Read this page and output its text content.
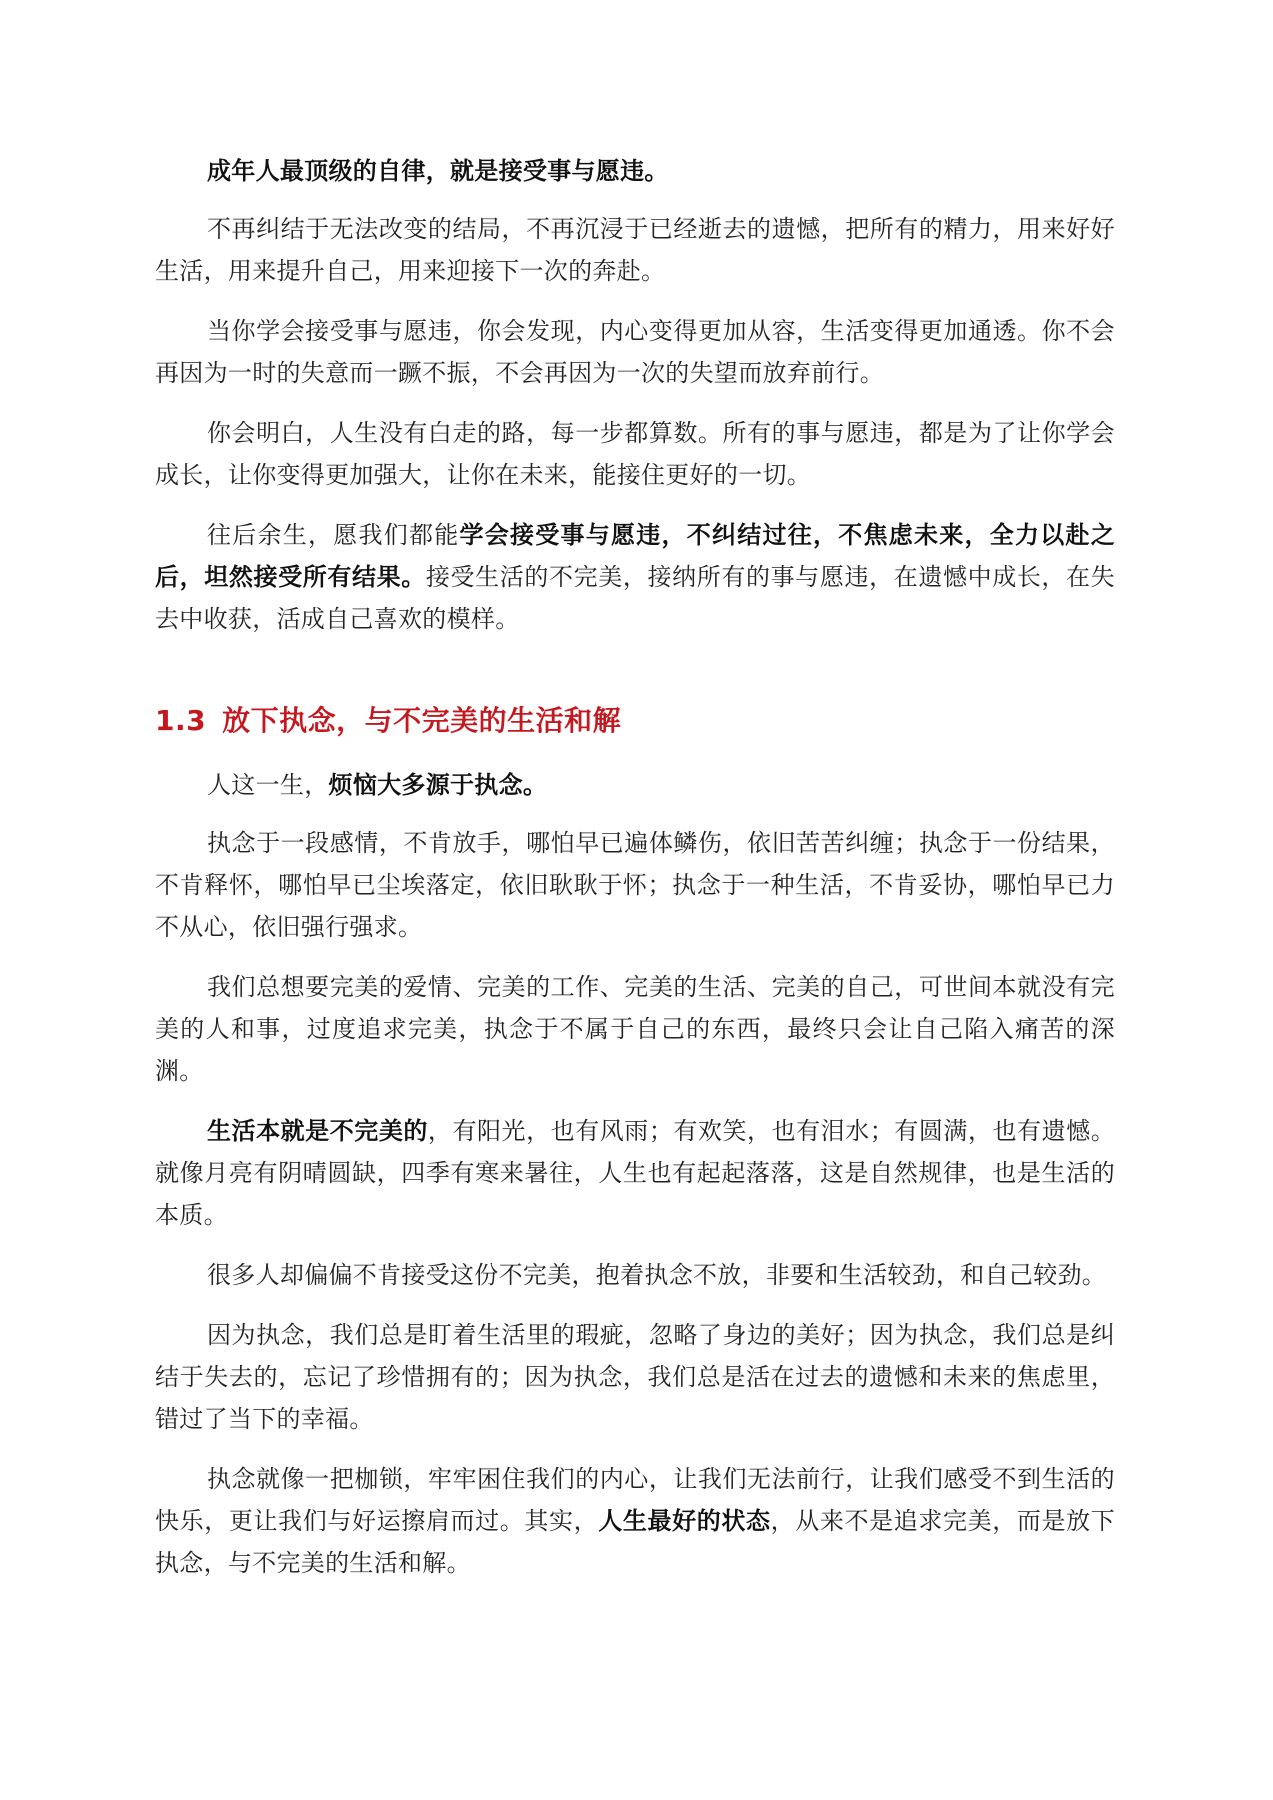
成年人最顶级的自律，就是接受事与愿违。

不再纠结于无法改变的结局，不再沉浸于已经逝去的遗憾，把所有的精力，用来好好生活，用来提升自己，用来迎接下一次的奔赴。

当你学会接受事与愿违，你会发现，内心变得更加从容，生活变得更加通透。你不会再因为一时的失意而一蹶不振，不会再因为一次的失望而放弃前行。

你会明白，人生没有白走的路，每一步都算数。所有的事与愿违，都是为了让你学会成长，让你变得更加强大，让你在未来，能接住更好的一切。

往后余生，愿我们都能学会接受事与愿违，不纠结过往，不焦虑未来，全力以赴之后，坦然接受所有结果。接受生活的不完美，接纳所有的事与愿违，在遗憾中成长，在失去中收获，活成自己喜欢的模样。

1.3 放下执念，与不完美的生活和解

人这一生，烦恼大多源于执念。

执念于一段感情，不肯放手，哪怕早已遍体鳞伤，依旧苦苦纠缠；执念于一份结果，不肯释怀，哪怕早已尘埃落定，依旧耿耿于怀；执念于一种生活，不肯妥协，哪怕早已力不从心，依旧强行强求。

我们总想要完美的爱情、完美的工作、完美的生活、完美的自己，可世间本就没有完美的人和事，过度追求完美，执念于不属于自己的东西，最终只会让自己陷入痛苦的深渊。

生活本就是不完美的，有阳光，也有风雨；有欢笑，也有泪水；有圆满，也有遗憾。就像月亮有阴晴圆缺，四季有寒来暑往，人生也有起起落落，这是自然规律，也是生活的本质。

很多人却偏偏不肯接受这份不完美，抱着执念不放，非要和生活较劲，和自己较劲。

因为执念，我们总是盯着生活里的瑕疵，忽略了身边的美好；因为执念，我们总是纠结于失去的，忘记了珍惜拥有的；因为执念，我们总是活在过去的遗憾和未来的焦虑里，错过了当下的幸福。

执念就像一把枷锁，牢牢困住我们的内心，让我们无法前行，让我们感受不到生活的快乐，更让我们与好运擦肩而过。其实，人生最好的状态，从来不是追求完美，而是放下执念，与不完美的生活和解。
